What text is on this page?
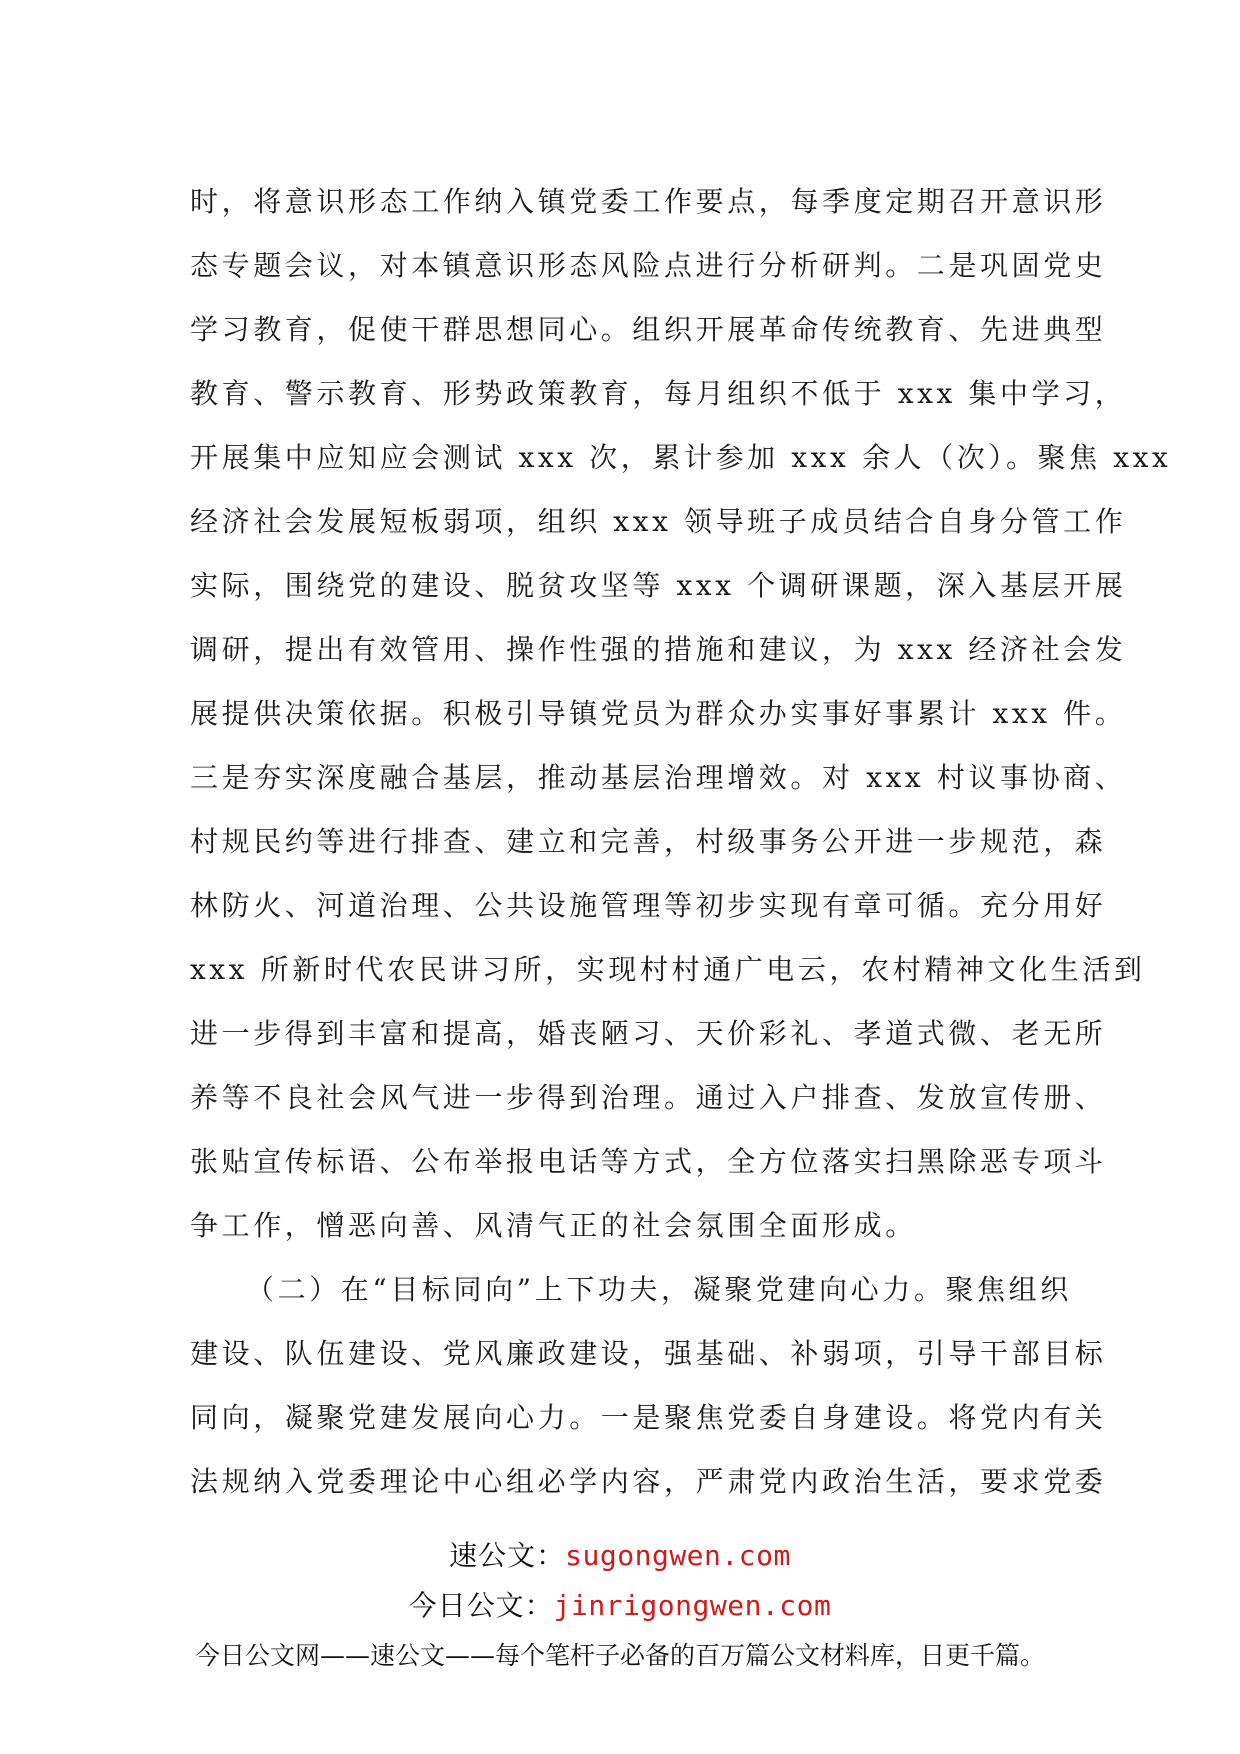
时，将意识形态工作纳入镇党委工作要点，每季度定期召开意识形
态专题会议，对本镇意识形态风险点进行分析研判。二是巩固党史
学习教育，促使干群思想同心。组织开展革命传统教育、先进典型
教育、警示教育、形势政策教育，每月组织不低于 xxx 集中学习，
开展集中应知应会测试 xxx 次，累计参加 xxx 余人（次）。聚焦 xxx
经济社会发展短板弱项，组织 xxx 领导班子成员结合自身分管工作
实际，围绕党的建设、脱贫攻坚等 xxx 个调研课题，深入基层开展
调研，提出有效管用、操作性强的措施和建议，为 xxx 经济社会发
展提供决策依据。积极引导镇党员为群众办实事好事累计 xxx 件。
三是夯实深度融合基层，推动基层治理增效。对 xxx 村议事协商、
村规民约等进行排查、建立和完善，村级事务公开进一步规范，森
林防火、河道治理、公共设施管理等初步实现有章可循。充分用好
xxx 所新时代农民讲习所，实现村村通广电云，农村精神文化生活到
进一步得到丰富和提高，婚丧陋习、天价彩礼、孝道式微、老无所
养等不良社会风气进一步得到治理。通过入户排查、发放宣传册、
张贴宣传标语、公布举报电话等方式，全方位落实扫黑除恶专项斗
争工作，憎恶向善、风清气正的社会氛围全面形成。
（二）在“目标同向”上下功夫，凝聚党建向心力。聚焦组织
建设、队伍建设、党风廉政建设，强基础、补弱项，引导干部目标
同向，凝聚党建发展向心力。一是聚焦党委自身建设。将党内有关
法规纳入党委理论中心组必学内容，严肃党内政治生活，要求党委
速公文：sugongwen.com
今日公文：jinrigongwen.com
今日公文网——速公文——每个笔杆子必备的百万篇公文材料库，日更千篇。
